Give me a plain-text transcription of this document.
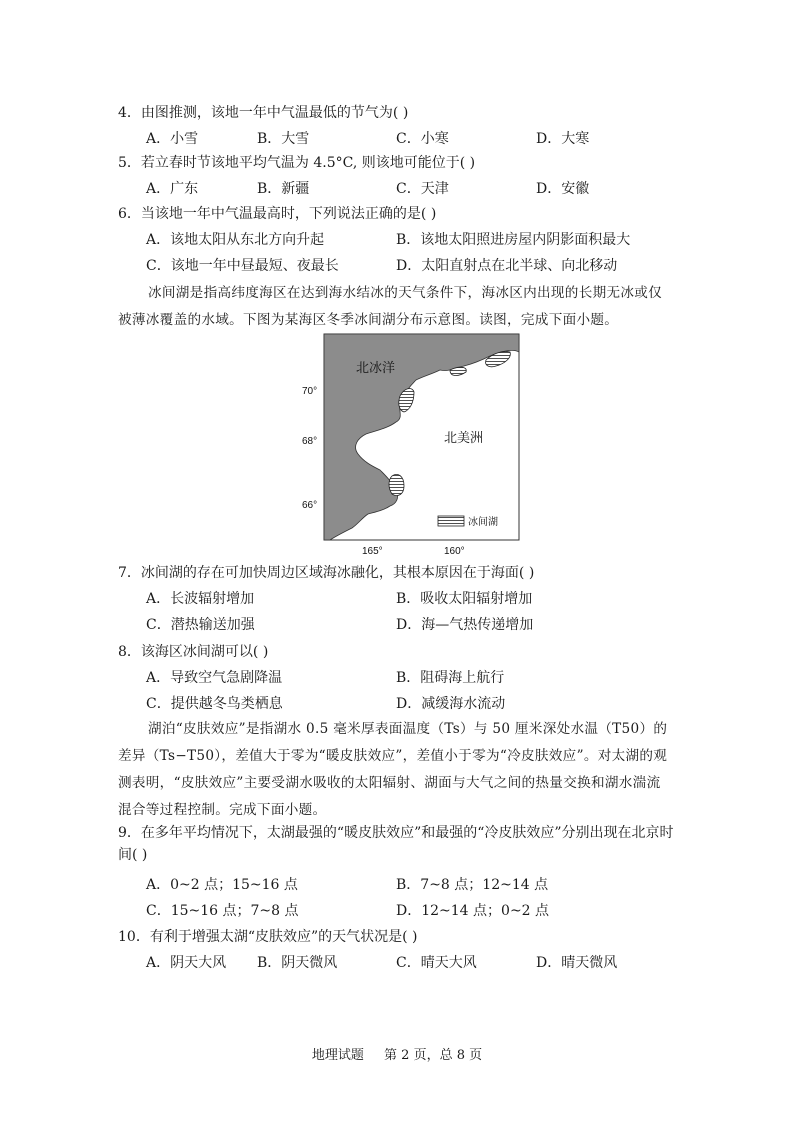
4．由图推测，该地一年中气温最低的节气为( )
A．小雪	B．大雪	C．小寒	D．大寒
5．若立春时节该地平均气温为 4.5°C, 则该地可能位于( )
A．广东	B．新疆	C．天津	D．安徽
6．当该地一年中气温最高时，下列说法正确的是( )
A．该地太阳从东北方向升起	B．该地太阳照进房屋内阴影面积最大
C．该地一年中昼最短、夜最长	D．太阳直射点在北半球、向北移动
冰间湖是指高纬度海区在达到海水结冰的天气条件下，海冰区内出现的长期无冰或仅被薄冰覆盖的水域。下图为某海区冬季冰间湖分布示意图。读图，完成下面小题。
北冰洋
北美洲
70°
68°
66°
165°	160°
冰间湖
7．冰间湖的存在可加快周边区域海冰融化，其根本原因在于海面( )
A．长波辐射增加	B．吸收太阳辐射增加
C．潜热输送加强	D．海—气热传递增加
8．该海区冰间湖可以( )
A．导致空气急剧降温	B．阻碍海上航行
C．提供越冬鸟类栖息	D．减缓海水流动
湖泊“皮肤效应”是指湖水 0.5 毫米厚表面温度（Ts）与 50 厘米深处水温（T50）的差异（Ts−T50），差值大于零为“暖皮肤效应”，差值小于零为“冷皮肤效应”。对太湖的观测表明，“皮肤效应”主要受湖水吸收的太阳辐射、湖面与大气之间的热量交换和湖水湍流混合等过程控制。完成下面小题。
9．在多年平均情况下，太湖最强的“暖皮肤效应”和最强的“冷皮肤效应”分别出现在北京时
间( )
A．0~2 点；15~16 点	B．7~8 点；12~14 点
C．15~16 点；7~8 点	D．12~14 点；0~2 点
10．有利于增强太湖“皮肤效应”的天气状况是( )
A．阴天大风 B．阴天微风	C．晴天大风	D．晴天微风
地理试题 第 2 页，总 8 页
